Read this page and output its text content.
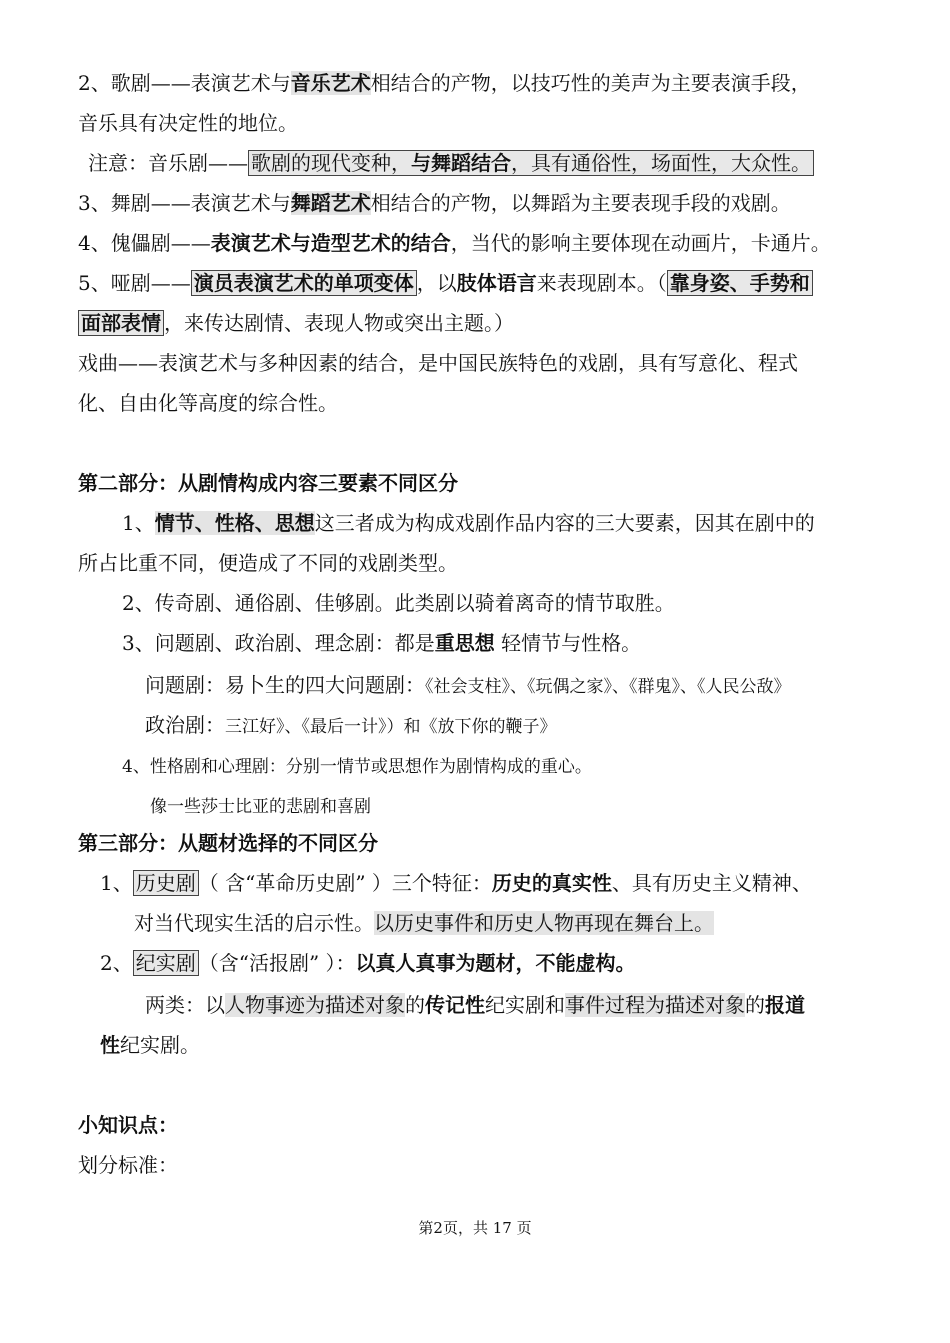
2、歌剧——表演艺术与音乐艺术相结合的产物，以技巧性的美声为主要表演手段，
音乐具有决定性的地位。
注意：音乐剧—— 歌剧的现代变种，与舞蹈结合，具有通俗性，场面性，大众性。
3、舞剧——表演艺术与舞蹈艺术相结合的产物，以舞蹈为主要表现手段的戏剧。
4、傀儡剧——表演艺术与造型艺术的结合，当代的影响主要体现在动画片，卡通片。
5、哑剧—— 演员表演艺术的单项变体 ，以肢体语言来表现剧本。（ 靠身姿、手势和
面部表情 ，来传达剧情、表现人物或突出主题。）
戏曲——表演艺术与多种因素的结合，是中国民族特色的戏剧，具有写意化、程式
化、自由化等高度的综合性。
第二部分：从剧情构成内容三要素不同区分
1、情节、性格、思想这三者成为构成戏剧作品内容的三大要素，因其在剧中的
所占比重不同，便造成了不同的戏剧类型。
2、传奇剧、通俗剧、佳够剧。此类剧以骑着离奇的情节取胜。
3、问题剧、政治剧、理念剧：都是重思想 轻情节与性格。
问题剧：易卜生的四大问题剧：《社会支柱》、《玩偶之家》、《群鬼》、《人民公敌》
政治剧：三江好》、《最后一计》）和《放下你的鞭子》
4、性格剧和心理剧：分别一情节或思想作为剧情构成的重心。
像一些莎士比亚的悲剧和喜剧
第三部分：从题材选择的不同区分
1、 历史剧 （ 含“革命历史剧” ）三个特征：历史的真实性、具有历史主义精神、
对当代现实生活的启示性。以历史事件和历史人物再现在舞台上。
2、 纪实剧 （含“活报剧” ）：以真人真事为题材，不能虚构。
两类：以人物事迹为描述对象的传记性纪实剧和事件过程为描述对象的报道
性纪实剧。
小知识点：
划分标准：
第2页，共 17 页
